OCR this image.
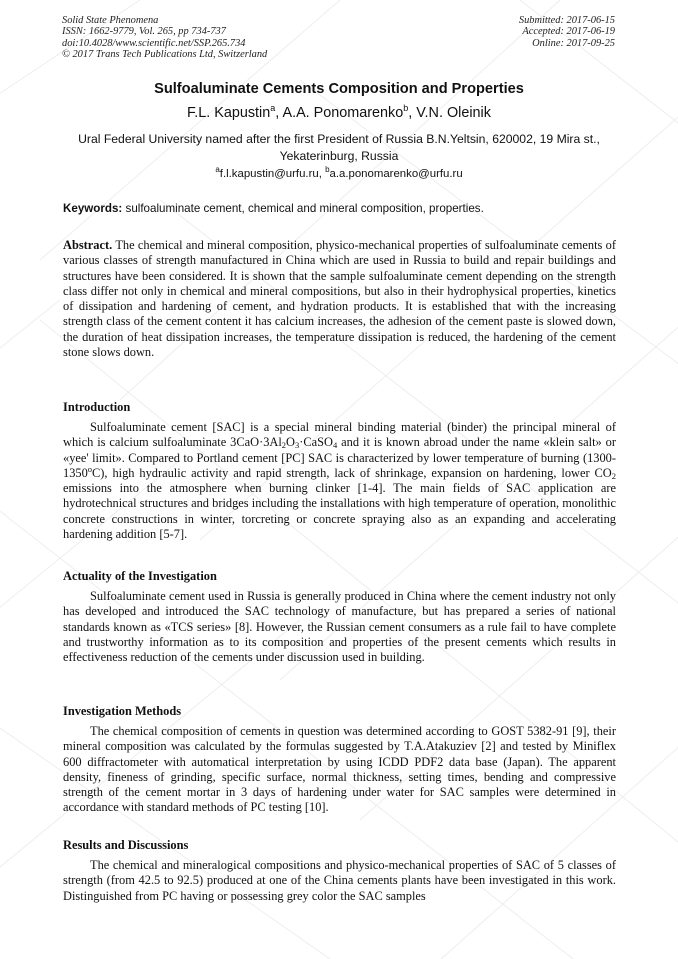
Solid State Phenomena
ISSN: 1662-9779, Vol. 265, pp 734-737
doi:10.4028/www.scientific.net/SSP.265.734
© 2017 Trans Tech Publications Ltd, Switzerland
Submitted: 2017-06-15
Accepted: 2017-06-19
Online: 2017-09-25
Sulfoaluminate Cements Composition and Properties
F.L. Kapustin$^a$, A.A. Ponomarenko$^b$, V.N. Oleinik
Ural Federal University named after the first President of Russia B.N.Yeltsin, 620002, 19 Mira st., Yekaterinburg, Russia
$^a$f.l.kapustin@urfu.ru, $^b$a.a.ponomarenko@urfu.ru
Keywords: sulfoaluminate cement, chemical and mineral composition, properties.
Abstract. The chemical and mineral composition, physico-mechanical properties of sulfoaluminate cements of various classes of strength manufactured in China which are used in Russia to build and repair buildings and structures have been considered. It is shown that the sample sulfoaluminate cement depending on the strength class differ not only in chemical and mineral compositions, but also in their hydrophysical properties, kinetics of dissipation and hardening of cement, and hydration products. It is established that with the increasing strength class of the cement content it has calcium increases, the adhesion of the cement paste is slowed down, the duration of heat dissipation increases, the temperature dissipation is reduced, the hardening of the cement stone slows down.
Introduction
Sulfoaluminate cement [SAC] is a special mineral binding material (binder) the principal mineral of which is calcium sulfoaluminate $3CaO\cdot 3Al_2O_3\cdot CaSO_4$ and it is known abroad under the name «klein salt» or «yee' limit». Compared to Portland cement [PC] SAC is characterized by lower temperature of burning (1300-1350$^o$C), high hydraulic activity and rapid strength, lack of shrinkage, expansion on hardening, lower $CO_2$ emissions into the atmosphere when burning clinker [1-4]. The main fields of SAC application are hydrotechnical structures and bridges including the installations with high temperature of operation, monolithic concrete constructions in winter, torcreting or concrete spraying also as an expanding and accelerating hardening addition [5-7].
Actuality of the Investigation
Sulfoaluminate cement used in Russia is generally produced in China where the cement industry not only has developed and introduced the SAC technology of manufacture, but has prepared a series of national standards known as «TCS series» [8]. However, the Russian cement consumers as a rule fail to have complete and trustworthy information as to its composition and properties of the present cements which results in effectiveness reduction of the cements under discussion used in building.
Investigation Methods
The chemical composition of cements in question was determined according to GOST 5382-91 [9], their mineral composition was calculated by the formulas suggested by T.A.Atakuziev [2] and tested by Miniflex 600 diffractometer with automatical interpretation by using ICDD PDF2 data base (Japan). The apparent density, fineness of grinding, specific surface, normal thickness, setting times, bending and compressive strength of the cement mortar in 3 days of hardening under water for SAC samples were determined in accordance with standard methods of PC testing [10].
Results and Discussions
The chemical and mineralogical compositions and physico-mechanical properties of SAC of 5 classes of strength (from 42.5 to 92.5) produced at one of the China cements plants have been investigated in this work. Distinguished from PC having or possessing grey color the SAC samples
